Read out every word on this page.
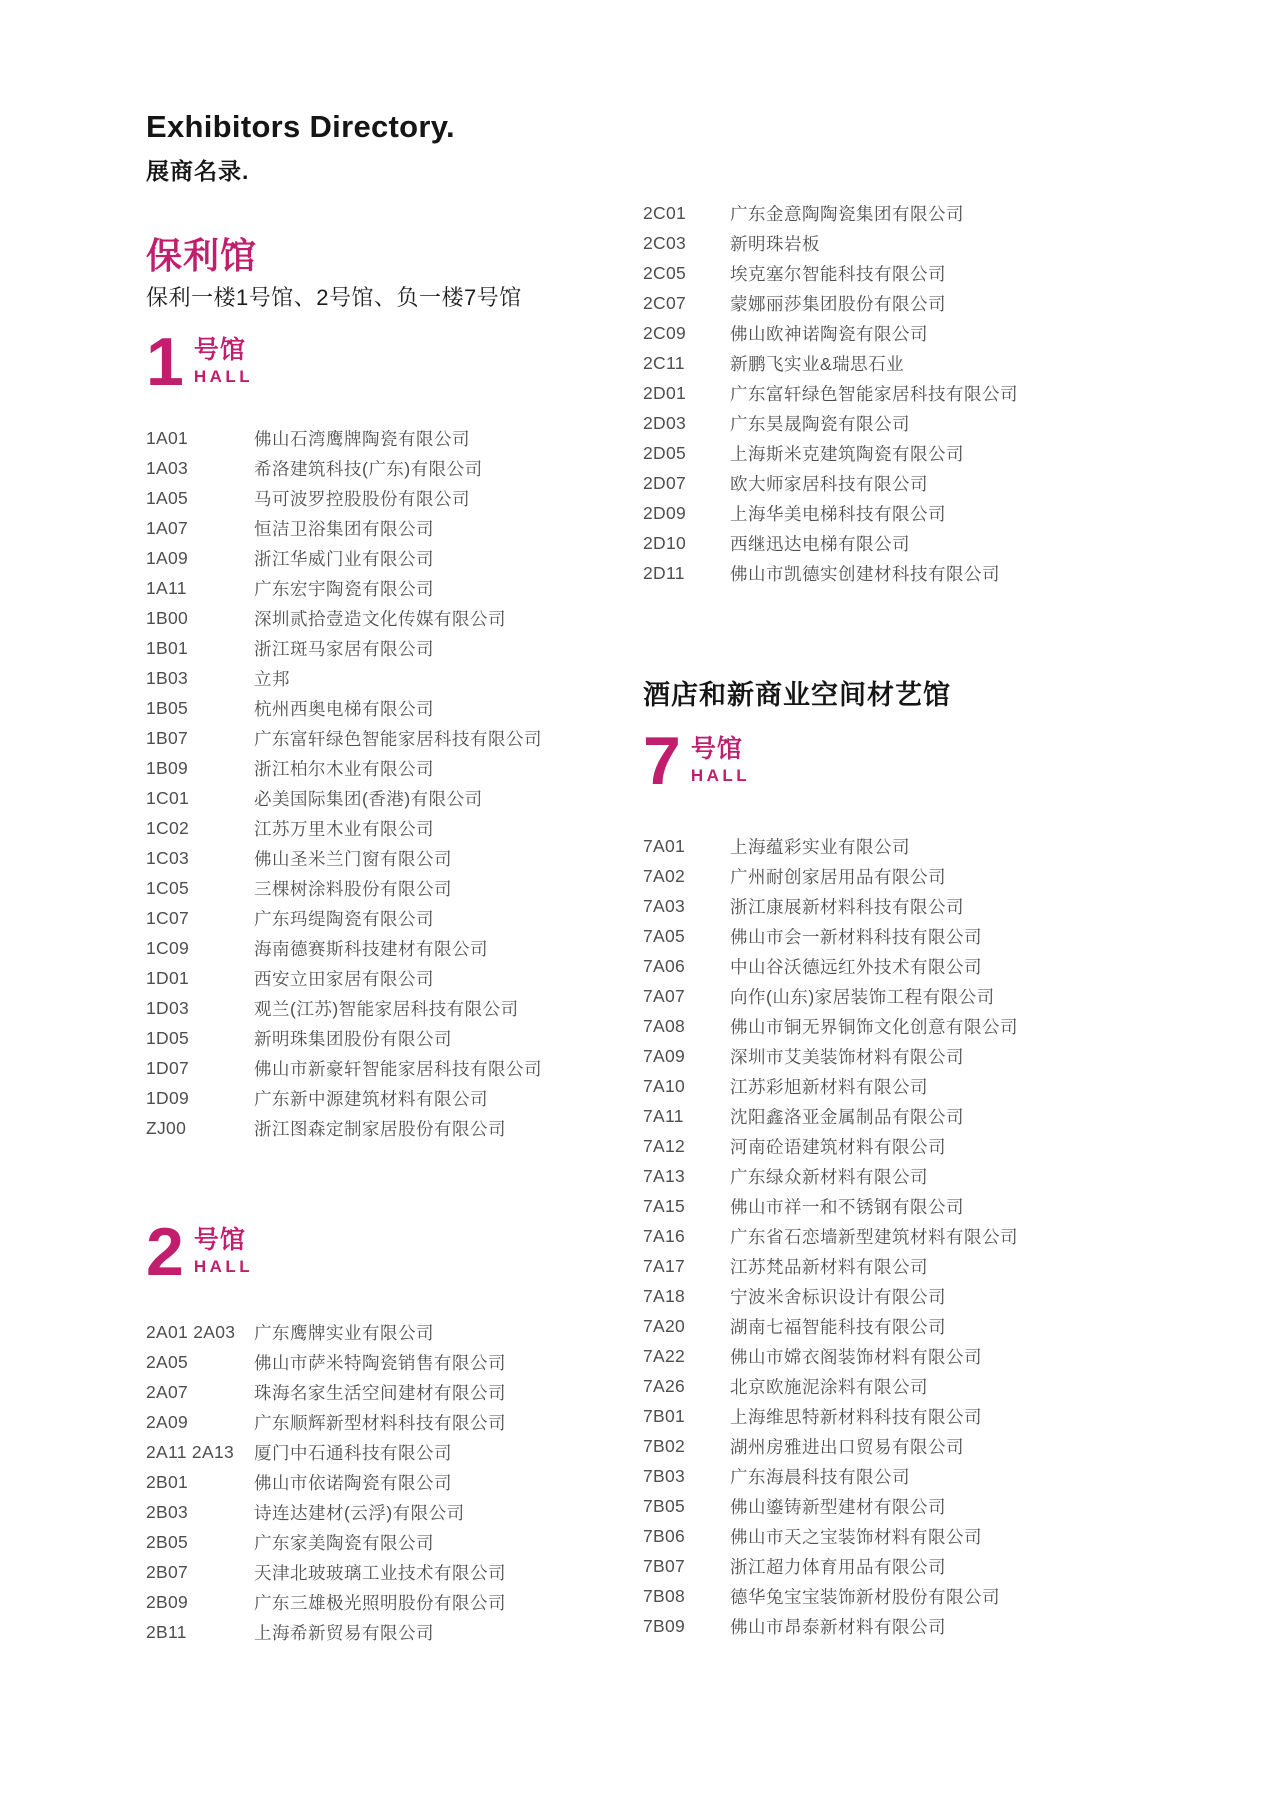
Exhibitors Directory.
展商名录.
保利馆
保利一楼1号馆、2号馆、负一楼7号馆
1 号馆
HALL
1A01	佛山石湾鹰牌陶瓷有限公司
1A03	希洛建筑科技(广东)有限公司
1A05	马可波罗控股股份有限公司
1A07	恒洁卫浴集团有限公司
1A09	浙江华威门业有限公司
1A11	广东宏宇陶瓷有限公司
1B00	深圳贰拾壹造文化传媒有限公司
1B01	浙江斑马家居有限公司
1B03	立邦
1B05	杭州西奥电梯有限公司
1B07	广东富轩绿色智能家居科技有限公司
1B09	浙江柏尔木业有限公司
1C01	必美国际集团(香港)有限公司
1C02	江苏万里木业有限公司
1C03	佛山圣米兰门窗有限公司
1C05	三棵树涂料股份有限公司
1C07	广东玛缇陶瓷有限公司
1C09	海南德赛斯科技建材有限公司
1D01	西安立田家居有限公司
1D03	观兰(江苏)智能家居科技有限公司
1D05	新明珠集团股份有限公司
1D07	佛山市新豪轩智能家居科技有限公司
1D09	广东新中源建筑材料有限公司
ZJ00	浙江图森定制家居股份有限公司
2 号馆
HALL
2A01 2A03	广东鹰牌实业有限公司
2A05	佛山市萨米特陶瓷销售有限公司
2A07	珠海名家生活空间建材有限公司
2A09	广东顺辉新型材料科技有限公司
2A11 2A13	厦门中石通科技有限公司
2B01	佛山市依诺陶瓷有限公司
2B03	诗连达建材(云浮)有限公司
2B05	广东家美陶瓷有限公司
2B07	天津北玻玻璃工业技术有限公司
2B09	广东三雄极光照明股份有限公司
2B11	上海希新贸易有限公司
2C01	广东金意陶陶瓷集团有限公司
2C03	新明珠岩板
2C05	埃克塞尔智能科技有限公司
2C07	蒙娜丽莎集团股份有限公司
2C09	佛山欧神诺陶瓷有限公司
2C11	新鹏飞实业&瑞思石业
2D01	广东富轩绿色智能家居科技有限公司
2D03	广东昊晟陶瓷有限公司
2D05	上海斯米克建筑陶瓷有限公司
2D07	欧大师家居科技有限公司
2D09	上海华美电梯科技有限公司
2D10	西继迅达电梯有限公司
2D11	佛山市凯德实创建材科技有限公司
酒店和新商业空间材艺馆
7 号馆
HALL
7A01	上海蕴彩实业有限公司
7A02	广州耐创家居用品有限公司
7A03	浙江康展新材料科技有限公司
7A05	佛山市会一新材料科技有限公司
7A06	中山谷沃德远红外技术有限公司
7A07	向作(山东)家居装饰工程有限公司
7A08	佛山市铜无界铜饰文化创意有限公司
7A09	深圳市艾美装饰材料有限公司
7A10	江苏彩旭新材料有限公司
7A11	沈阳鑫洛亚金属制品有限公司
7A12	河南砼语建筑材料有限公司
7A13	广东绿众新材料有限公司
7A15	佛山市祥一和不锈钢有限公司
7A16	广东省石恋墙新型建筑材料有限公司
7A17	江苏梵品新材料有限公司
7A18	宁波米舍标识设计有限公司
7A20	湖南七福智能科技有限公司
7A22	佛山市嫦衣阁装饰材料有限公司
7A26	北京欧施泥涂料有限公司
7B01	上海维思特新材料科技有限公司
7B02	湖州房雅进出口贸易有限公司
7B03	广东海晨科技有限公司
7B05	佛山鎏铸新型建材有限公司
7B06	佛山市天之宝装饰材料有限公司
7B07	浙江超力体育用品有限公司
7B08	德华兔宝宝装饰新材股份有限公司
7B09	佛山市昂泰新材料有限公司
